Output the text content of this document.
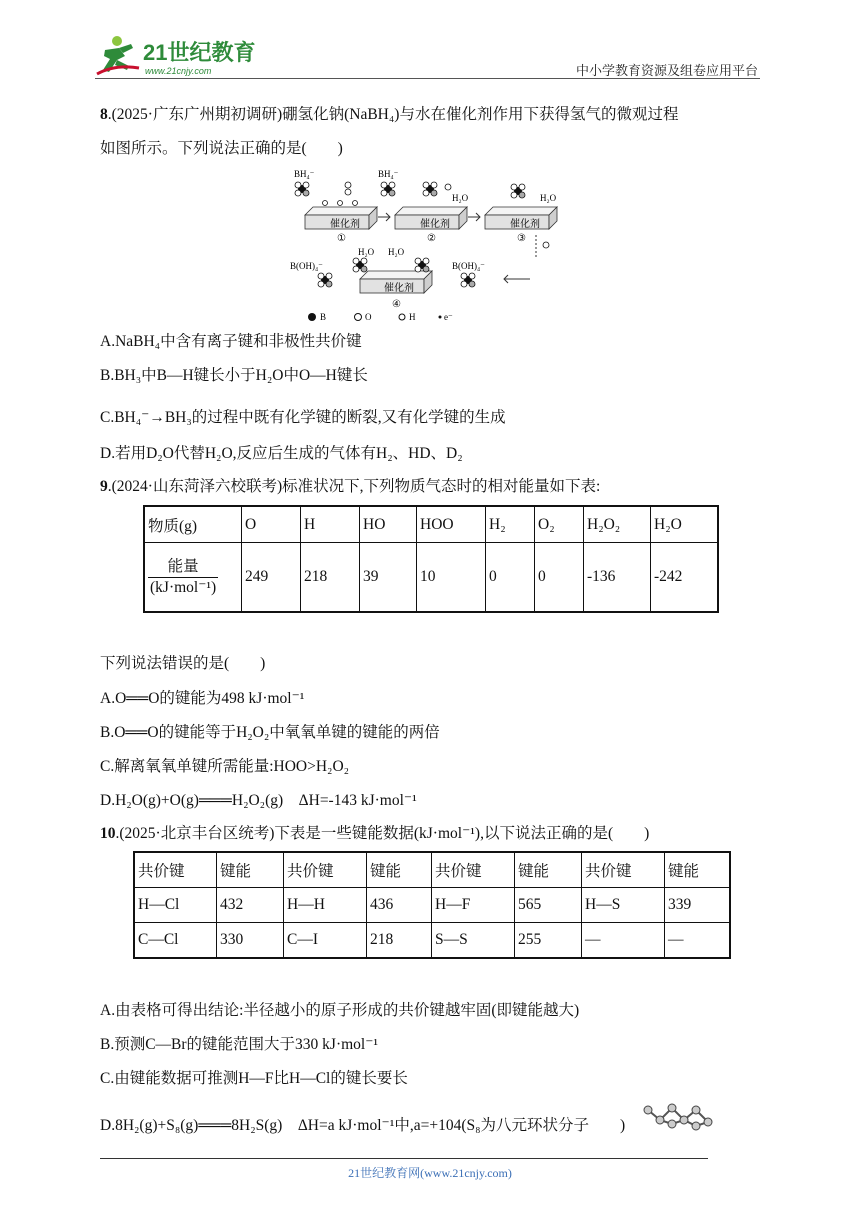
21世纪教育
www.21cnjy.com	中小学教育资源及组卷应用平台
8.(2025·广东广州期初调研)硼氢化钠(NaBH₄)与水在催化剂作用下获得氢气的微观过程
如图所示。下列说法正确的是(　　)
催化剂	催化剂	催化剂
①	②	③
BH₄⁻	BH₄⁻
H₂O	H₂O
催化剂
④
H₂O H₂O
B(OH)₄⁻	B(OH)₄⁻
B	O	H	e⁻
A.NaBH₄中含有离子键和非极性共价键
B.BH₃中B—H键长小于H₂O中O—H键长
C.BH₄⁻→BH₃的过程中既有化学键的断裂,又有化学键的生成
D.若用D₂O代替H₂O,反应后生成的气体有H₂、HD、D₂
9.(2024·山东菏泽六校联考)标准状况下,下列物质气态时的相对能量如下表:
物质(g)	O	H	HO	HOO	H₂	O₂	H₂O₂	H₂O

$\frac{\text{能量}}{\text{(kJ·mol⁻¹)}}$	249	218	39	10	0	0	-136	-242
下列说法错误的是(　　)
A.O══O的键能为498 kJ·mol⁻¹
B.O══O的键能等于H₂O₂中氧氧单键的键能的两倍
C.解离氧氧单键所需能量:HOO>H₂O₂
D.H₂O(g)+O(g)═══H₂O₂(g)　ΔH=-143 kJ·mol⁻¹
10.(2025·北京丰台区统考)下表是一些键能数据(kJ·mol⁻¹),以下说法正确的是(　　)
共价键	键能	共价键	键能	共价键	键能	共价键	键能
H—Cl	432	H—H	436	H—F	565	H—S	339
C—Cl	330	C—I	218	S—S	255	—	—
A.由表格可得出结论:半径越小的原子形成的共价键越牢固(即键能越大)
B.预测C—Br的键能范围大于330 kJ·mol⁻¹
C.由键能数据可推测H—F比H—Cl的键长要长
D.8H₂(g)+S₈(g)═══8H₂S(g)　ΔH=a kJ·mol⁻¹中,a=+104(S₈为八元环状分子　　)
21世纪教育网(www.21cnjy.com)
